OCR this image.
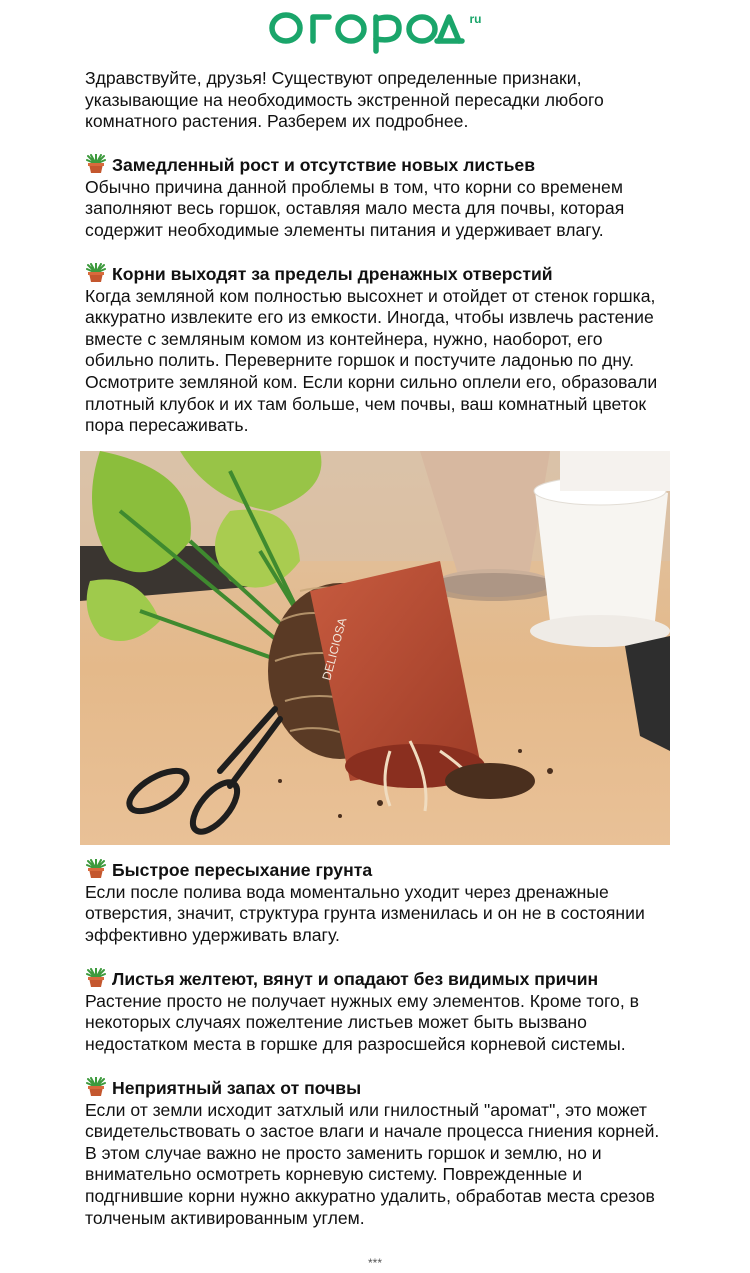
ru

Здравствуйте, друзья! Существуют определенные признаки, указывающие на необходимость экстренной пересадки любого комнатного растения. Разберем их подробнее.

Замедленный рост и отсутствие новых листьев
Обычно причина данной проблемы в том, что корни со временем заполняют весь горшок, оставляя мало места для почвы, которая содержит необходимые элементы питания и удерживает влагу.
Корни выходят за пределы дренажных отверстий
Когда земляной ком полностью высохнет и отойдет от стенок горшка, аккуратно извлеките его из емкости. Иногда, чтобы извлечь растение вместе с земляным комом из контейнера, нужно, наоборот, его обильно полить. Переверните горшок и постучите ладонью по дну. Осмотрите земляной ком. Если корни сильно оплели его, образовали плотный клубок и их там больше, чем почвы, ваш комнатный цветок пора пересаживать.
DELICIOSA
Быстрое пересыхание грунта
Если после полива вода моментально уходит через дренажные отверстия, значит, структура грунта изменилась и он не в состоянии эффективно удерживать влагу.
Листья желтеют, вянут и опадают без видимых причин
Растение просто не получает нужных ему элементов. Кроме того, в некоторых случаях пожелтение листьев может быть вызвано недостатком места в горшке для разросшейся корневой системы.
Неприятный запах от почвы
Если от земли исходит затхлый или гнилостный "аромат", это может свидетельствовать о застое влаги и начале процесса гниения корней. В этом случае важно не просто заменить горшок и землю, но и внимательно осмотреть корневую систему. Поврежденные и подгнившие корни нужно аккуратно удалить, обработав места срезов толченым активированным углем.
***
